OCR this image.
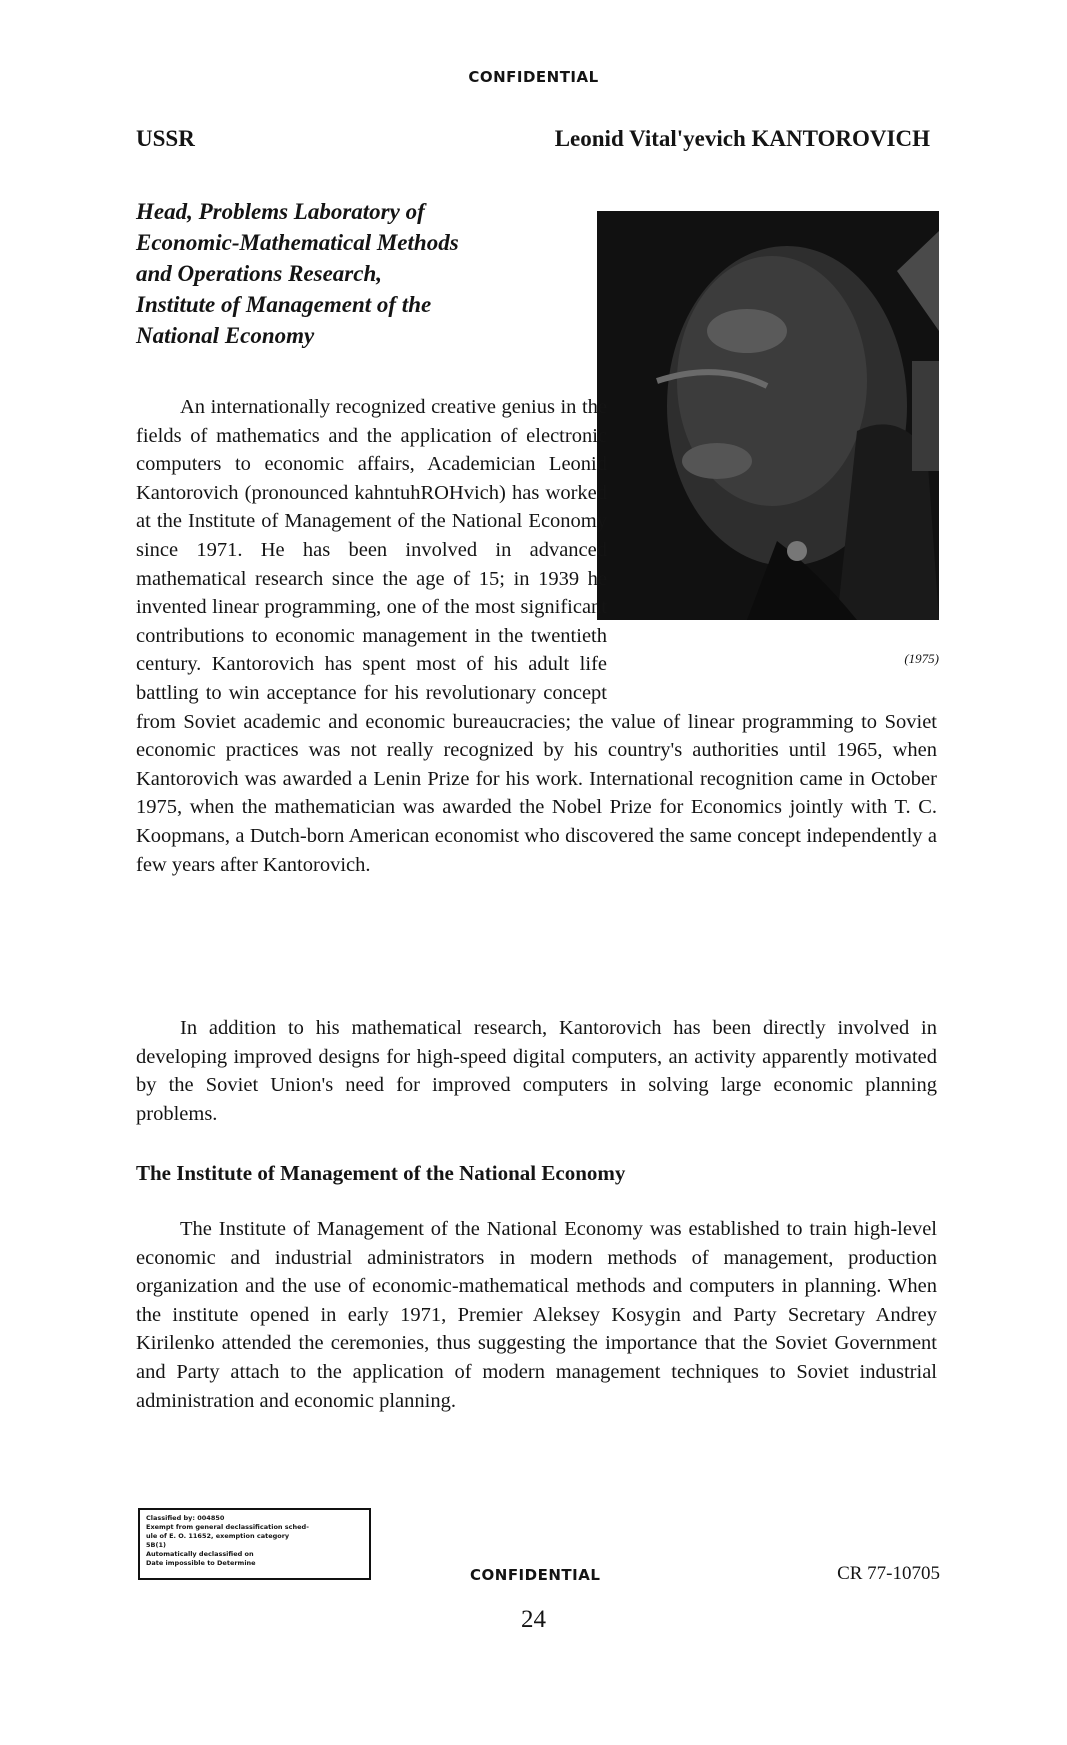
CONFIDENTIAL
USSR	Leonid Vital'yevich KANTOROVICH
Head, Problems Laboratory of
Economic-Mathematical Methods
and Operations Research,
Institute of Management of the
National Economy
(1975)
An internationally recognized creative genius in the fields of mathematics and the application of electronic computers to economic affairs, Academician Leonid Kantorovich (pronounced kahntuhROHvich) has worked at the Institute of Management of the National Economy since 1971. He has been involved in advanced mathematical research since the age of 15; in 1939 he invented linear programming, one of the most significant contributions to economic management in the twentieth century. Kantorovich has spent most of his adult life battling to win acceptance for his revolutionary concept from Soviet academic and economic bureaucracies; the value of linear programming to Soviet economic practices was not really recognized by his country's authorities until 1965, when Kantorovich was awarded a Lenin Prize for his work. International recognition came in October 1975, when the mathematician was awarded the Nobel Prize for Economics jointly with T. C. Koopmans, a Dutch-born American economist who discovered the same concept independently a few years after Kantorovich.
In addition to his mathematical research, Kantorovich has been directly involved in developing improved designs for high-speed digital computers, an activity apparently motivated by the Soviet Union's need for improved computers in solving large economic planning problems.
The Institute of Management of the National Economy
The Institute of Management of the National Economy was established to train high-level economic and industrial administrators in modern methods of management, production organization and the use of economic-mathematical methods and computers in planning. When the institute opened in early 1971, Premier Aleksey Kosygin and Party Secretary Andrey Kirilenko attended the ceremonies, thus suggesting the importance that the Soviet Government and Party attach to the application of modern management techniques to Soviet industrial administration and economic planning.
Classified by: 004850
Exempt from general declassification sched-
ule of E. O. 11652, exemption category
5B(1)
Automatically declassified on
Date impossible to Determine
CONFIDENTIAL	CR 77-10705
24
